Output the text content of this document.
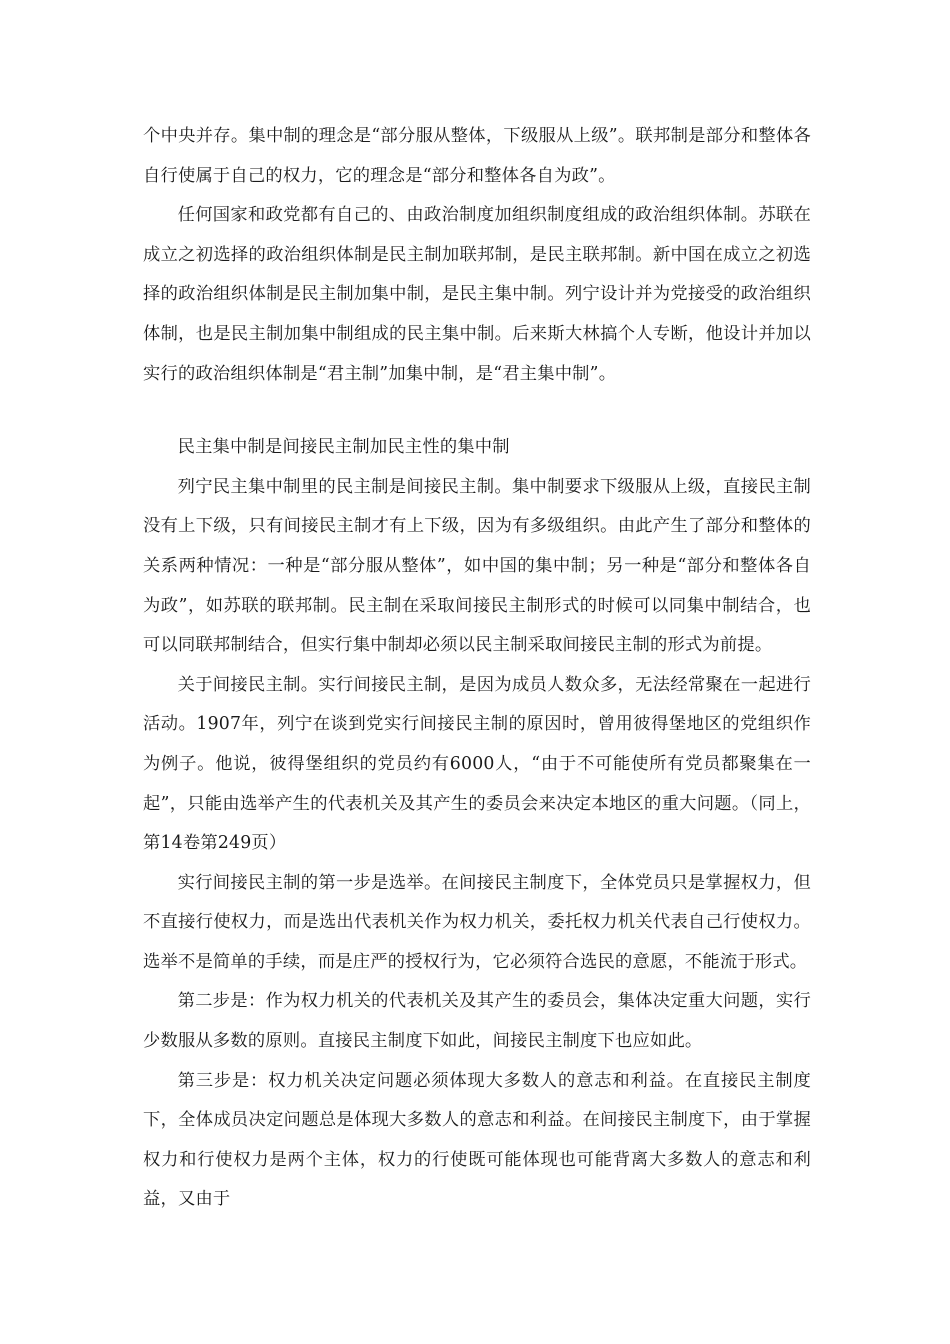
个中央并存。集中制的理念是“部分服从整体，下级服从上级”。联邦制是部分和整体各自行使属于自己的权力，它的理念是“部分和整体各自为政”。

任何国家和政党都有自己的、由政治制度加组织制度组成的政治组织体制。苏联在成立之初选择的政治组织体制是民主制加联邦制，是民主联邦制。新中国在成立之初选择的政治组织体制是民主制加集中制，是民主集中制。列宁设计并为党接受的政治组织体制，也是民主制加集中制组成的民主集中制。后来斯大林搞个人专断，他设计并加以实行的政治组织体制是“君主制”加集中制，是“君主集中制”。

民主集中制是间接民主制加民主性的集中制

列宁民主集中制里的民主制是间接民主制。集中制要求下级服从上级，直接民主制没有上下级，只有间接民主制才有上下级，因为有多级组织。由此产生了部分和整体的关系两种情况：一种是“部分服从整体”，如中国的集中制；另一种是“部分和整体各自为政”，如苏联的联邦制。民主制在采取间接民主制形式的时候可以同集中制结合，也可以同联邦制结合，但实行集中制却必须以民主制采取间接民主制的形式为前提。

关于间接民主制。实行间接民主制，是因为成员人数众多，无法经常聚在一起进行活动。1907年，列宁在谈到党实行间接民主制的原因时，曾用彼得堡地区的党组织作为例子。他说，彼得堡组织的党员约有6000人，“由于不可能使所有党员都聚集在一起”，只能由选举产生的代表机关及其产生的委员会来决定本地区的重大问题。（同上，第14卷第249页）

实行间接民主制的第一步是选举。在间接民主制度下，全体党员只是掌握权力，但不直接行使权力，而是选出代表机关作为权力机关，委托权力机关代表自己行使权力。选举不是简单的手续，而是庄严的授权行为，它必须符合选民的意愿，不能流于形式。

第二步是：作为权力机关的代表机关及其产生的委员会，集体决定重大问题，实行少数服从多数的原则。直接民主制度下如此，间接民主制度下也应如此。

第三步是：权力机关决定问题必须体现大多数人的意志和利益。在直接民主制度下，全体成员决定问题总是体现大多数人的意志和利益。在间接民主制度下，由于掌握权力和行使权力是两个主体，权力的行使既可能体现也可能背离大多数人的意志和利益，又由于
